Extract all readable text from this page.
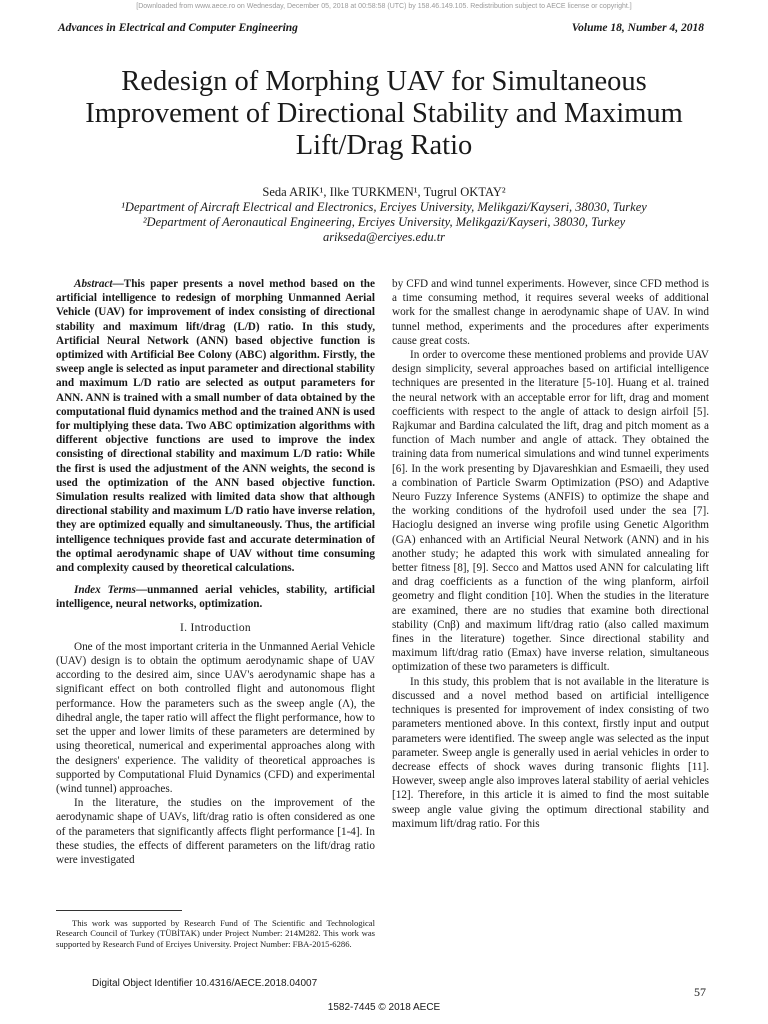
[Downloaded from www.aece.ro on Wednesday, December 05, 2018 at 00:58:58 (UTC) by 158.46.149.105. Redistribution subject to AECE license or copyright.]
Advances in Electrical and Computer Engineering	Volume 18, Number 4, 2018
Redesign of Morphing UAV for Simultaneous Improvement of Directional Stability and Maximum Lift/Drag Ratio
Seda ARIK¹, Ilke TURKMEN¹, Tugrul OKTAY²
¹Department of Aircraft Electrical and Electronics, Erciyes University, Melikgazi/Kayseri, 38030, Turkey
²Department of Aeronautical Engineering, Erciyes University, Melikgazi/Kayseri, 38030, Turkey
arikseda@erciyes.edu.tr

Abstract—This paper presents a novel method based on the artificial intelligence to redesign of morphing Unmanned Aerial Vehicle (UAV) for improvement of index consisting of directional stability and maximum lift/drag (L/D) ratio. In this study, Artificial Neural Network (ANN) based objective function is optimized with Artificial Bee Colony (ABC) algorithm. Firstly, the sweep angle is selected as input parameter and directional stability and maximum L/D ratio are selected as output parameters for ANN. ANN is trained with a small number of data obtained by the computational fluid dynamics method and the trained ANN is used for multiplying these data. Two ABC optimization algorithms with different objective functions are used to improve the index consisting of directional stability and maximum L/D ratio: While the first is used the adjustment of the ANN weights, the second is used the optimization of the ANN based objective function. Simulation results realized with limited data show that although directional stability and maximum L/D ratio have inverse relation, they are optimized equally and simultaneously. Thus, the artificial intelligence techniques provide fast and accurate determination of the optimal aerodynamic shape of UAV without time consuming and complexity caused by theoretical calculations.

Index Terms—unmanned aerial vehicles, stability, artificial intelligence, neural networks, optimization.

I. Introduction

One of the most important criteria in the Unmanned Aerial Vehicle (UAV) design is to obtain the optimum aerodynamic shape of UAV according to the desired aim, since UAV's aerodynamic shape has a significant effect on both controlled flight and autonomous flight performance. How the parameters such as the sweep angle (Λ), the dihedral angle, the taper ratio will affect the flight performance, how to set the upper and lower limits of these parameters are determined by using theoretical, numerical and experimental approaches along with the designers' experience. The validity of theoretical approaches is supported by Computational Fluid Dynamics (CFD) and experimental (wind tunnel) approaches.

In the literature, the studies on the improvement of the aerodynamic shape of UAVs, lift/drag ratio is often considered as one of the parameters that significantly affects flight performance [1-4]. In these studies, the effects of different parameters on the lift/drag ratio were investigated

This work was supported by Research Fund of The Scientific and Technological Research Council of Turkey (TÜBİTAK) under Project Number: 214M282. This work was supported by Research Fund of Erciyes University. Project Number: FBA-2015-6286.

by CFD and wind tunnel experiments. However, since CFD method is a time consuming method, it requires several weeks of additional work for the smallest change in aerodynamic shape of UAV. In wind tunnel method, experiments and the procedures after experiments cause great costs.

In order to overcome these mentioned problems and provide UAV design simplicity, several approaches based on artificial intelligence techniques are presented in the literature [5-10]. Huang et al. trained the neural network with an acceptable error for lift, drag and moment coefficients with respect to the angle of attack to design airfoil [5]. Rajkumar and Bardina calculated the lift, drag and pitch moment as a function of Mach number and angle of attack. They obtained the training data from numerical simulations and wind tunnel experiments [6]. In the work presenting by Djavareshkian and Esmaeili, they used a combination of Particle Swarm Optimization (PSO) and Adaptive Neuro Fuzzy Inference Systems (ANFIS) to optimize the shape and the working conditions of the hydrofoil used under the sea [7]. Hacioglu designed an inverse wing profile using Genetic Algorithm (GA) enhanced with an Artificial Neural Network (ANN) and in his another study; he adapted this work with simulated annealing for better fitness [8], [9]. Secco and Mattos used ANN for calculating lift and drag coefficients as a function of the wing planform, airfoil geometry and flight condition [10]. When the studies in the literature are examined, there are no studies that examine both directional stability (Cnβ) and maximum lift/drag ratio (also called maximum fines in the literature) together. Since directional stability and maximum lift/drag ratio (Emax) have inverse relation, simultaneous optimization of these two parameters is difficult.

In this study, this problem that is not available in the literature is discussed and a novel method based on artificial intelligence techniques is presented for improvement of index consisting of two parameters mentioned above. In this context, firstly input and output parameters were identified. The sweep angle was selected as the input parameter. Sweep angle is generally used in aerial vehicles in order to decrease effects of shock waves during transonic flights [11]. However, sweep angle also improves lateral stability of aerial vehicles [12]. Therefore, in this article it is aimed to find the most suitable sweep angle value giving the optimum directional stability and maximum lift/drag ratio. For this

Digital Object Identifier 10.4316/AECE.2018.04007
57
1582-7445 © 2018 AECE
